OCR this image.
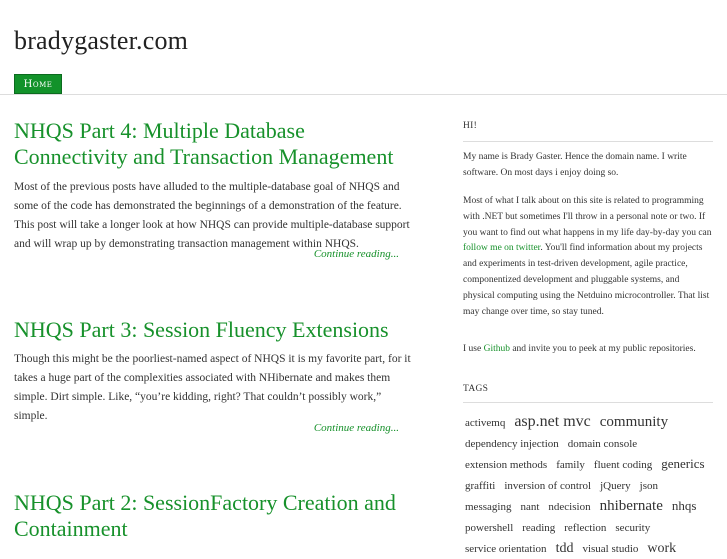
bradygaster.com
Home
NHQS Part 4: Multiple Database Connectivity and Transaction Management

Most of the previous posts have alluded to the multiple-database goal of NHQS and some of the code has demonstrated the beginnings of a demonstration of the feature. This post will take a longer look at how NHQS can provide multiple-database support and will wrap up by demonstrating transaction management within NHQS.

Continue reading...
NHQS Part 3: Session Fluency Extensions

Though this might be the poorliest-named aspect of NHQS it is my favorite part, for it takes a huge part of the complexities associated with NHibernate and makes them simple. Dirt simple. Like, “you’re kidding, right? That couldn’t possibly work,” simple.

Continue reading...
NHQS Part 2: SessionFactory Creation and Containment
HI!
My name is Brady Gaster. Hence the domain name. I write software. On most days i enjoy doing so.
Most of what I talk about on this site is related to programming with .NET but sometimes I'll throw in a personal note or two. If you want to find out what happens in my life day-by-day you can follow me on twitter. You'll find information about my projects and experiments in test-driven development, agile practice, componentized development and pluggable systems, and physical computing using the Netduino microcontroller. That list may change over time, so stay tuned.
I use Github and invite you to peek at my public repositories.
TAGS
activemq asp.net mvc community dependency injection domain console extension methods family fluent coding generics graffiti inversion of control jQuery json messaging nant ndecision nhibernate nhqs powershell reading reflection security service orientation tdd visual studio work
